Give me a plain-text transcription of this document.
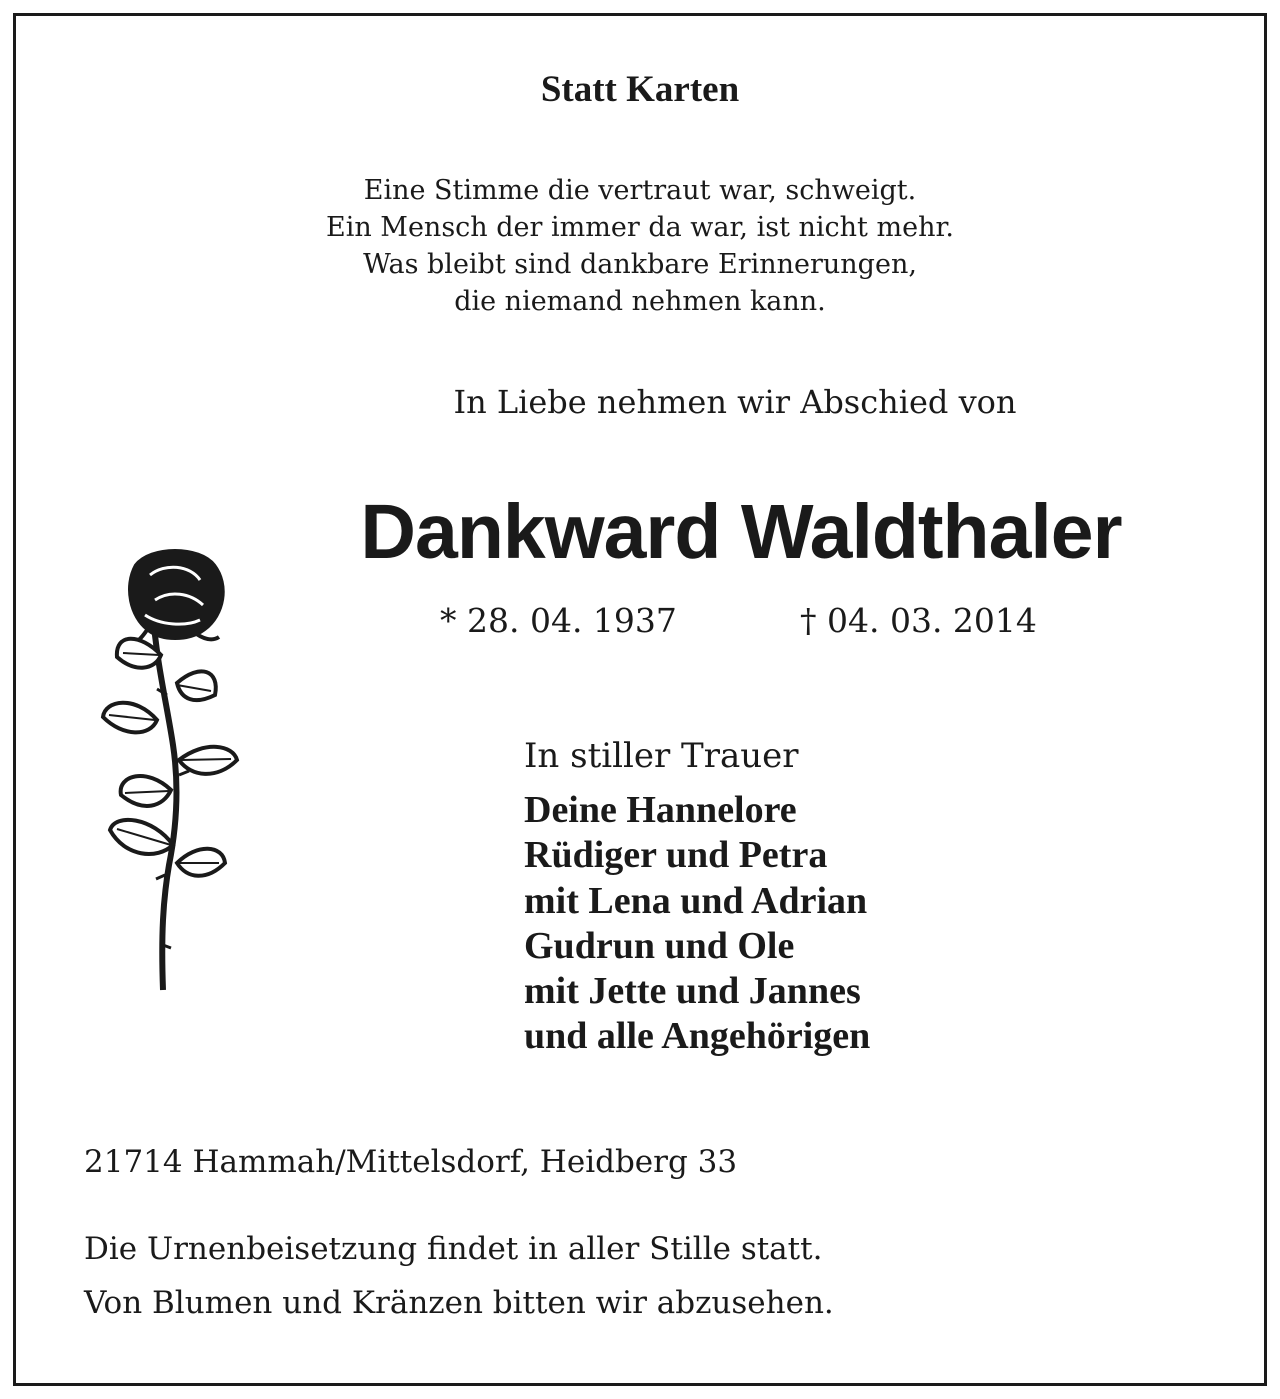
Statt Karten

Eine Stimme die vertraut war, schweigt.
Ein Mensch der immer da war, ist nicht mehr.
Was bleibt sind dankbare Erinnerungen,
die niemand nehmen kann.

In Liebe nehmen wir Abschied von

Dankward Waldthaler

* 28. 04. 1937	† 04. 03. 2014

In stiller Trauer

Deine Hannelore
Rüdiger und Petra
mit Lena und Adrian
Gudrun und Ole
mit Jette und Jannes
und alle Angehörigen

21714 Hammah/Mittelsdorf, Heidberg 33

Die Urnenbeisetzung findet in aller Stille statt.
Von Blumen und Kränzen bitten wir abzusehen.
